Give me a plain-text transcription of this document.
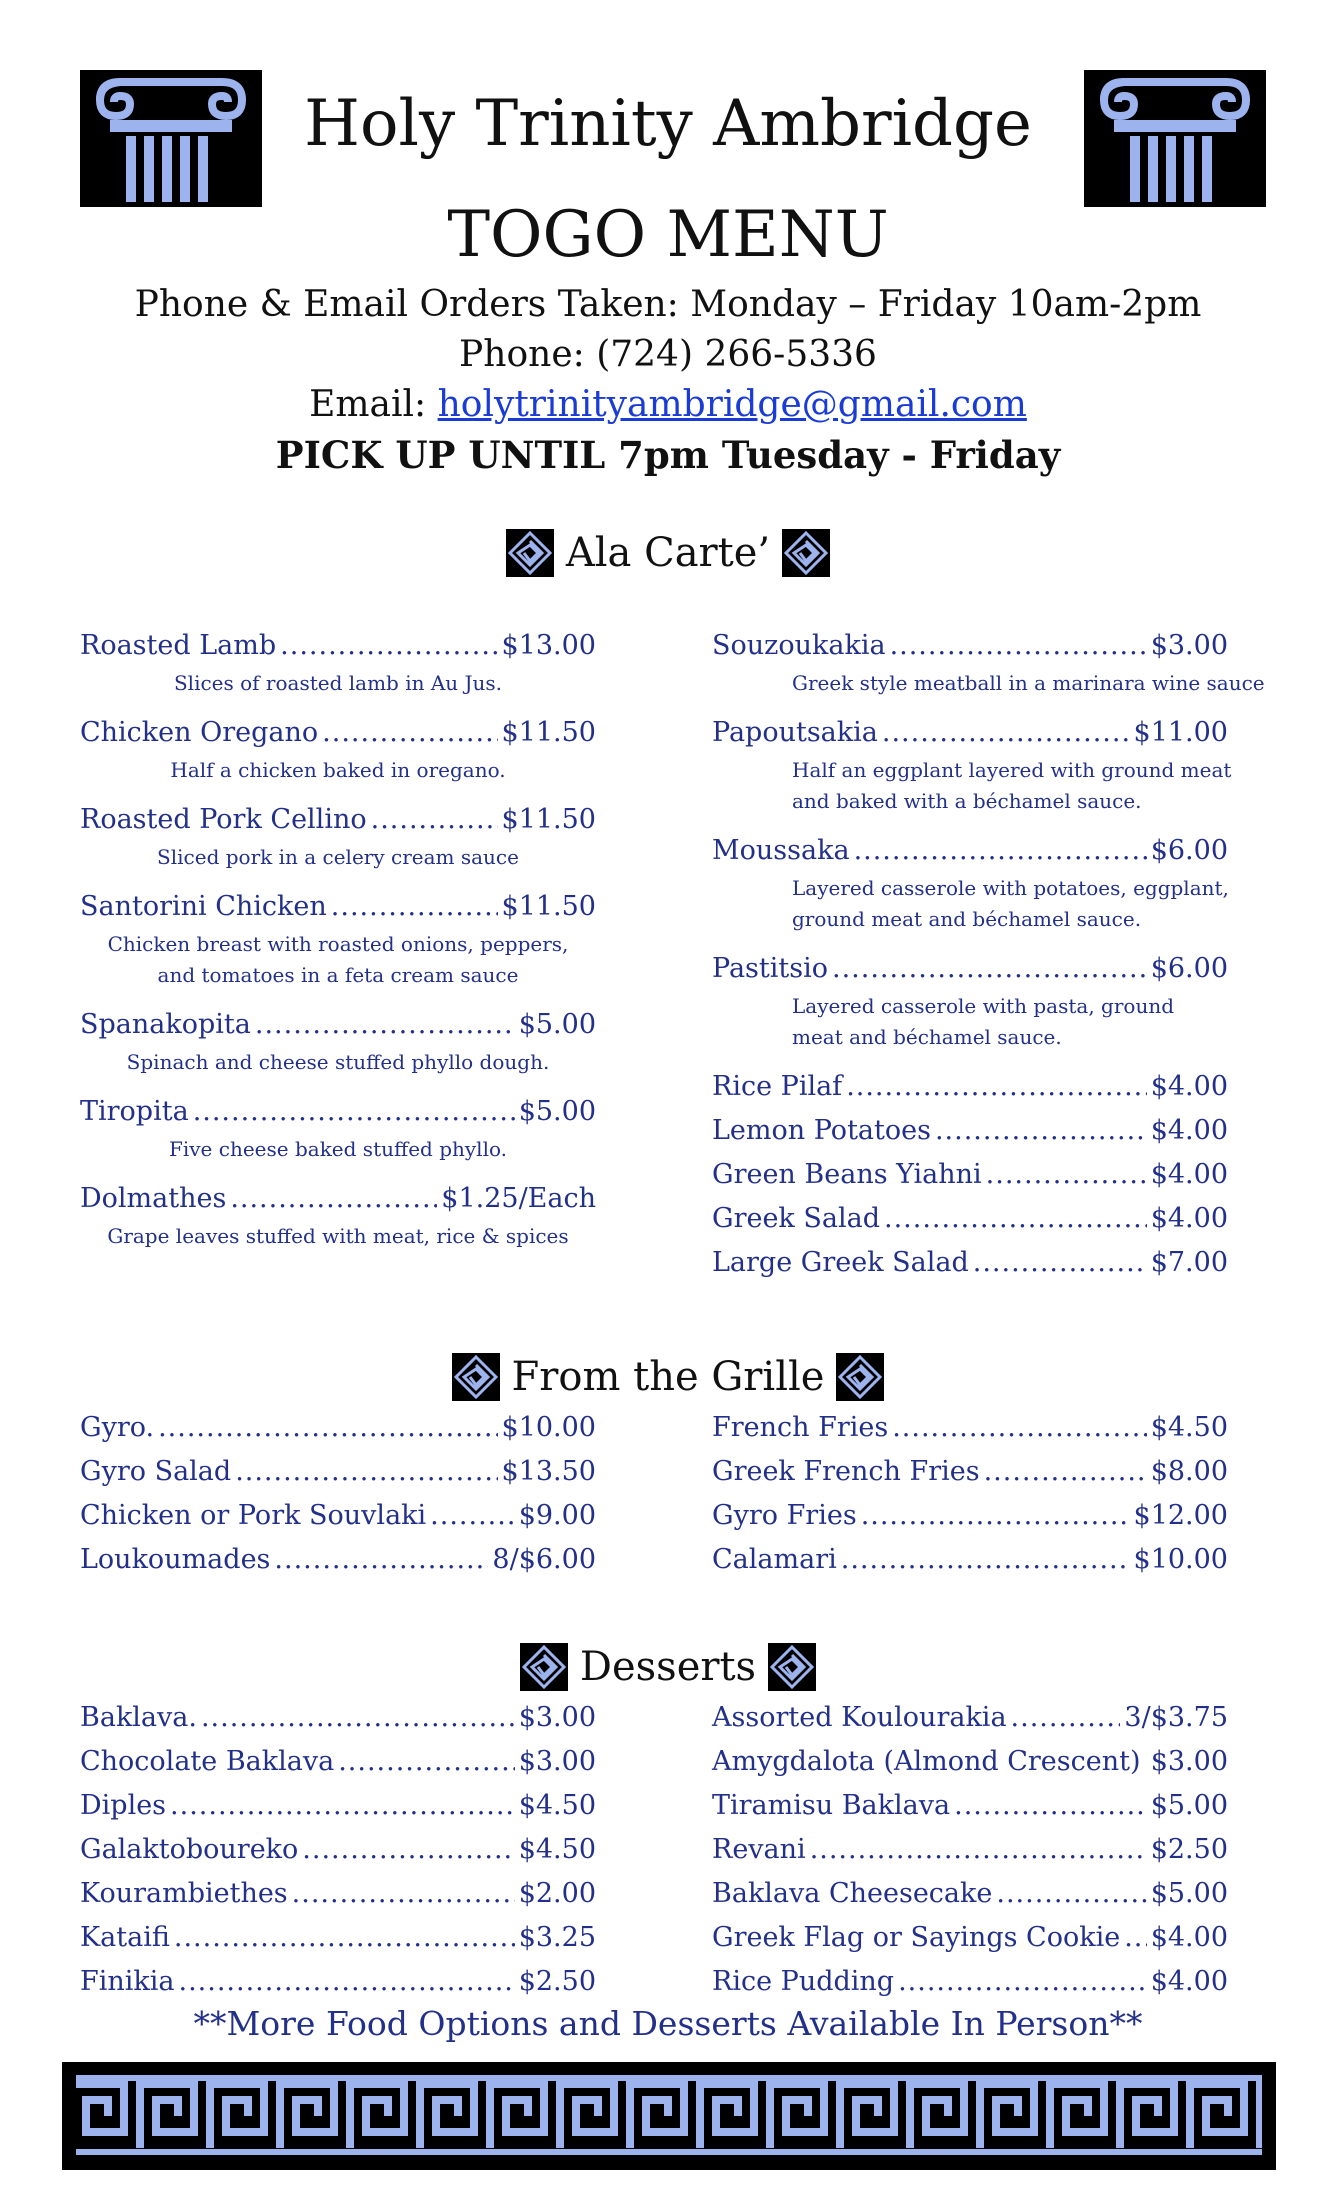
Holy Trinity Ambridge
TOGO MENU
Phone & Email Orders Taken: Monday – Friday 10am-2pm
Phone: (724) 266-5336
Email: holytrinityambridge@gmail.com
PICK UP UNTIL 7pm Tuesday - Friday
Ala Carte’
From the Grille
Desserts
Roasted Lamb .....	$13.00
Slices of roasted lamb in Au Jus.
Chicken Oregano .....	$11.50
Half a chicken baked in oregano.
Roasted Pork Cellino .....	$11.50
Sliced pork in a celery cream sauce
Santorini Chicken .....	$11.50
Chicken breast with roasted onions, peppers,
and tomatoes in a feta cream sauce
Spanakopita .....	$5.00
Spinach and cheese stuffed phyllo dough.
Tiropita .....	$5.00
Five cheese baked stuffed phyllo.
Dolmathes .....	$1.25/Each
Grape leaves stuffed with meat, rice & spices
Souzoukakia .....	$3.00
Greek style meatball in a marinara wine sauce
Papoutsakia .....	$11.00
Half an eggplant layered with ground meat
and baked with a béchamel sauce.
Moussaka .....	$6.00
Layered casserole with potatoes, eggplant,
ground meat and béchamel sauce.
Pastitsio .....	$6.00
Layered casserole with pasta, ground
meat and béchamel sauce.
Rice Pilaf .....	$4.00
Lemon Potatoes .....	$4.00
Green Beans Yiahni .....	$4.00
Greek Salad .....	$4.00
Large Greek Salad .....	$7.00
Gyro. .....	$10.00
Gyro Salad .....	$13.50
Chicken or Pork Souvlaki .....	$9.00
Loukoumades .....	8/$6.00
French Fries .....	$4.50
Greek French Fries .....	$8.00
Gyro Fries .....	$12.00
Calamari .....	$10.00
Baklava. .....	$3.00
Chocolate Baklava .....	$3.00
Diples .....	$4.50
Galaktoboureko .....	$4.50
Kourambiethes .....	$2.00
Kataifi .....	$3.25
Finikia .....	$2.50
Assorted Koulourakia .....	3/$3.75
Amygdalota (Almond Crescent) ..... $3.00
Tiramisu Baklava .....	$5.00
Revani .....	$2.50
Baklava Cheesecake .....	$5.00
Greek Flag or Sayings Cookie ..... $4.00
Rice Pudding .....	$4.00
**More Food Options and Desserts Available In Person**
